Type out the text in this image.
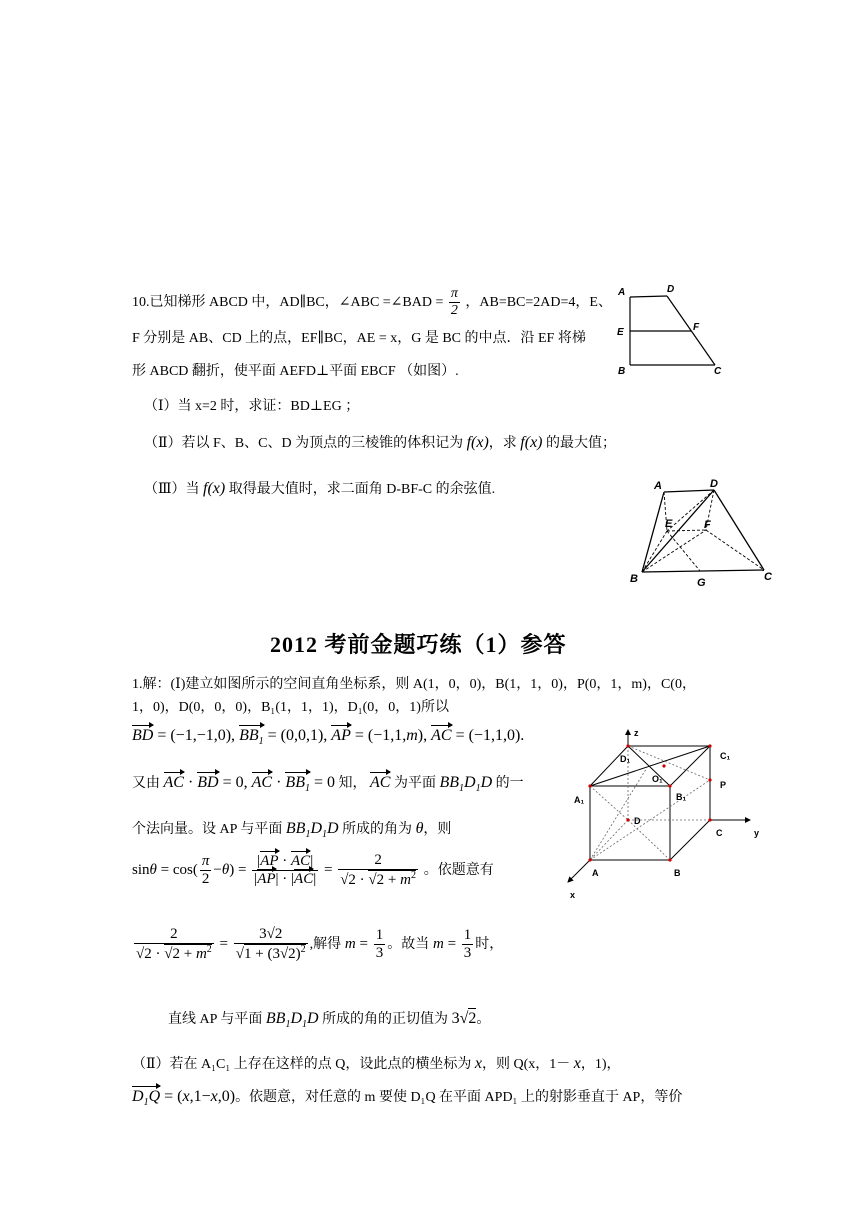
10.已知梯形 ABCD 中，AD∥BC，∠ABC =∠BAD = $\frac{\pi}{2}$ ，AB=BC=2AD=4，E、
F 分别是 AB、CD 上的点，EF∥BC，AE = x，G 是 BC 的中点．沿 EF 将梯
形 ABCD 翻折，使平面 AEFD⊥平面 EBCF （如图）.
（Ⅰ）当 x=2 时，求证：BD⊥EG ；
（Ⅱ）若以 F、B、C、D 为顶点的三棱锥的体积记为 f(x)，求 f(x) 的最大值；
（Ⅲ）当 f(x) 取得最大值时，求二面角 D-BF-C 的余弦值.
A	D
E	F
B	C
A	D
E	F
B	G	C
2012 考前金题巧练（1）参答
1.解：(Ⅰ)建立如图所示的空间直角坐标系，则 A(1，0，0)，B(1，1，0)，P(0，1，m)，C(0，
1，0)，D(0，0，0)，B₁(1，1，1)，D₁(0，0，1)所以
BD = (−1,−1,0), $BB_1 = (0,0,1)$, AP = (−1,1,m), AC = (−1,1,0).
又由 AC · BD = 0, AC · $BB_1 = 0$ 知， AC 为平面 $BB_1D_1D$ 的一
个法向量。设 AP 与平面 $BB_1D_1D$ 所成的角为 θ，则
$\sin\theta = \cos( \frac{\pi}{2} -\theta) = \frac{|AP \cdot AC|}{|AP| \cdot |AC|} = \frac{2}{√2 \cdot √2 + m^2}$ 。依题意有
$\frac{2}{√2 \cdot √2 + m^2} = \frac{3√2}{√1 + (3√2)^2}$ ,解得 $m = \frac{1}{3}$ 。故当 $m = \frac{1}{3}$ 时，
直线 AP 与平面 $BB_1D_1D$ 所成的角的正切值为 3√2。
（Ⅱ）若在 A₁C₁ 上存在这样的点 Q，设此点的横坐标为 x，则 Q(x，1－ x，1)，
$D_1Q = (x,1-x,0)$。依题意，对任意的 m 要使 D₁Q 在平面 APD₁ 上的射影垂直于 AP，等价
z
D₁	C₁
O₁
A₁	B₁
P
D
C	y
A	B
x
